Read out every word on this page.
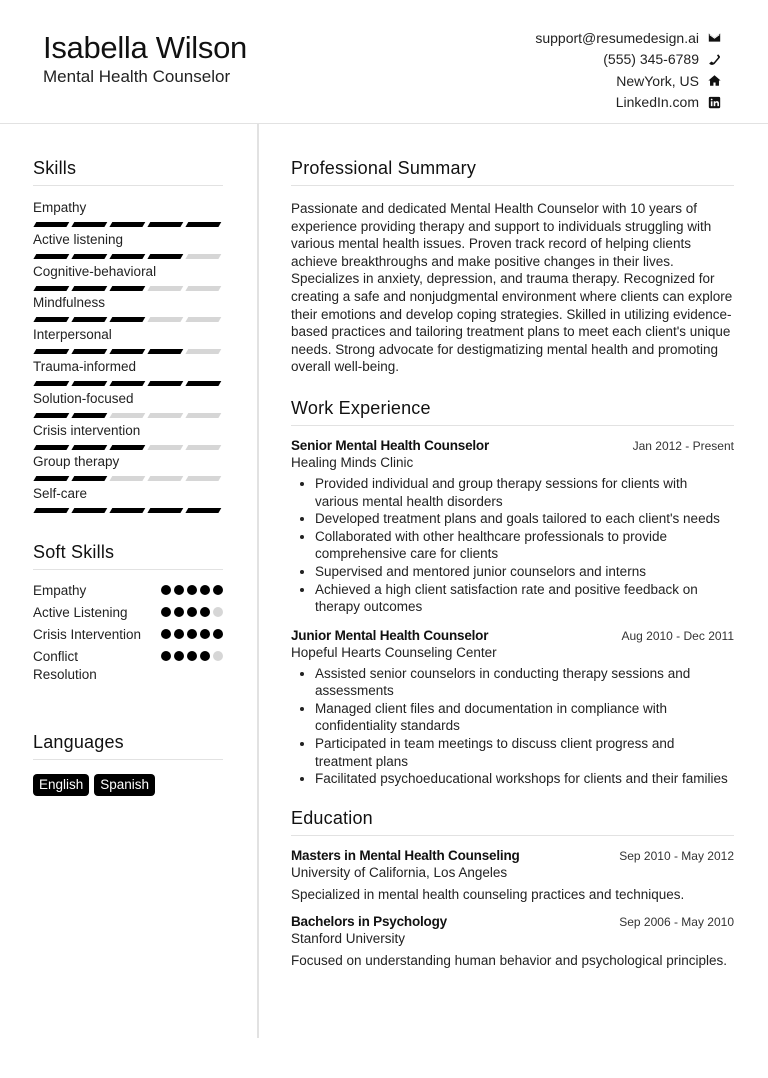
Isabella Wilson
Mental Health Counselor
support@resumedesign.ai
(555) 345-6789
NewYork, US
LinkedIn.com
Skills
Empathy
Active listening
Cognitive-behavioral
Mindfulness
Interpersonal
Trauma-informed
Solution-focused
Crisis intervention
Group therapy
Self-care
Soft Skills
Empathy
Active Listening
Crisis Intervention
Conflict Resolution
Languages
English	Spanish
Professional Summary

Passionate and dedicated Mental Health Counselor with 10 years of experience providing therapy and support to individuals struggling with various mental health issues. Proven track record of helping clients achieve breakthroughs and make positive changes in their lives. Specializes in anxiety, depression, and trauma therapy. Recognized for creating a safe and nonjudgmental environment where clients can explore their emotions and develop coping strategies. Skilled in utilizing evidence-based practices and tailoring treatment plans to meet each client's unique needs. Strong advocate for destigmatizing mental health and promoting overall well-being.

Work Experience
Senior Mental Health Counselor	Jan 2012 - Present
Healing Minds Clinic
• Provided individual and group therapy sessions for clients with various mental health disorders
• Developed treatment plans and goals tailored to each client's needs
• Collaborated with other healthcare professionals to provide comprehensive care for clients
• Supervised and mentored junior counselors and interns
• Achieved a high client satisfaction rate and positive feedback on therapy outcomes
Junior Mental Health Counselor	Aug 2010 - Dec 2011
Hopeful Hearts Counseling Center
• Assisted senior counselors in conducting therapy sessions and assessments
• Managed client files and documentation in compliance with confidentiality standards
• Participated in team meetings to discuss client progress and treatment plans
• Facilitated psychoeducational workshops for clients and their families
Education
Masters in Mental Health Counseling	Sep 2010 - May 2012
University of California, Los Angeles
Specialized in mental health counseling practices and techniques.
Bachelors in Psychology	Sep 2006 - May 2010
Stanford University
Focused on understanding human behavior and psychological principles.
